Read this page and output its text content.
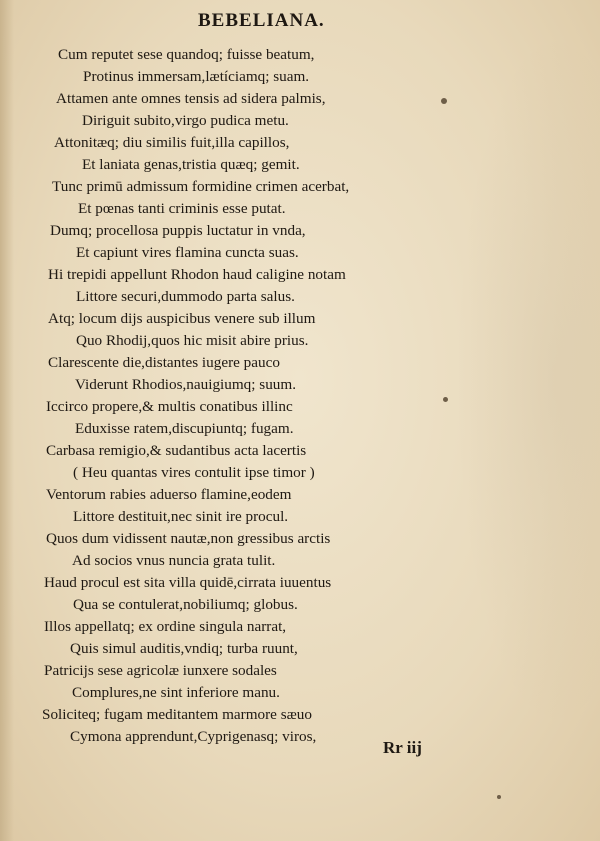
BEBELIANA.
Cum reputet sese quandoq; fuisse beatum,
Protinus immersam,lætíciamq; suam.
Attamen ante omnes tensis ad sidera palmis,
Diriguit subito,virgo pudica metu.
Attonitæq; diu similis fuit,illa capillos,
Et laniata genas,tristia quæq; gemit.
Tunc primū admissum formidine crimen acerbat,
Et pœnas tanti criminis esse putat.
Dumq; procellosa puppis luctatur in vnda,
Et capiunt vires flamina cuncta suas.
Hi trepidi appellunt Rhodon haud caligine notam
Littore securi,dummodo parta salus.
Atq; locum dijs auspicibus venere sub illum
Quo Rhodij,quos hic misit abire prius.
Clarescente die,distantes iugere pauco
Viderunt Rhodios,nauigiumq; suum.
Iccirco propere,& multis conatibus illinc
Eduxisse ratem,discupiuntq; fugam.
Carbasa remigio,& sudantibus acta lacertis
( Heu quantas vires contulit ipse timor )
Ventorum rabies aduerso flamine,eodem
Littore destituit,nec sinit ire procul.
Quos dum vidissent nautæ,non gressibus arctis
Ad socios vnus nuncia grata tulit.
Haud procul est sita villa quidē,cirrata iuuentus
Qua se contulerat,nobiliumq; globus.
Illos appellatq; ex ordine singula narrat,
Quis simul auditis,vndiq; turba ruunt,
Patricijs sese agricolæ iunxere sodales
Complures,ne sint inferiore manu.
Soliciteq; fugam meditantem marmore sæuo
Cymona apprendunt,Cyprigenasq; viros,
Rr iij
